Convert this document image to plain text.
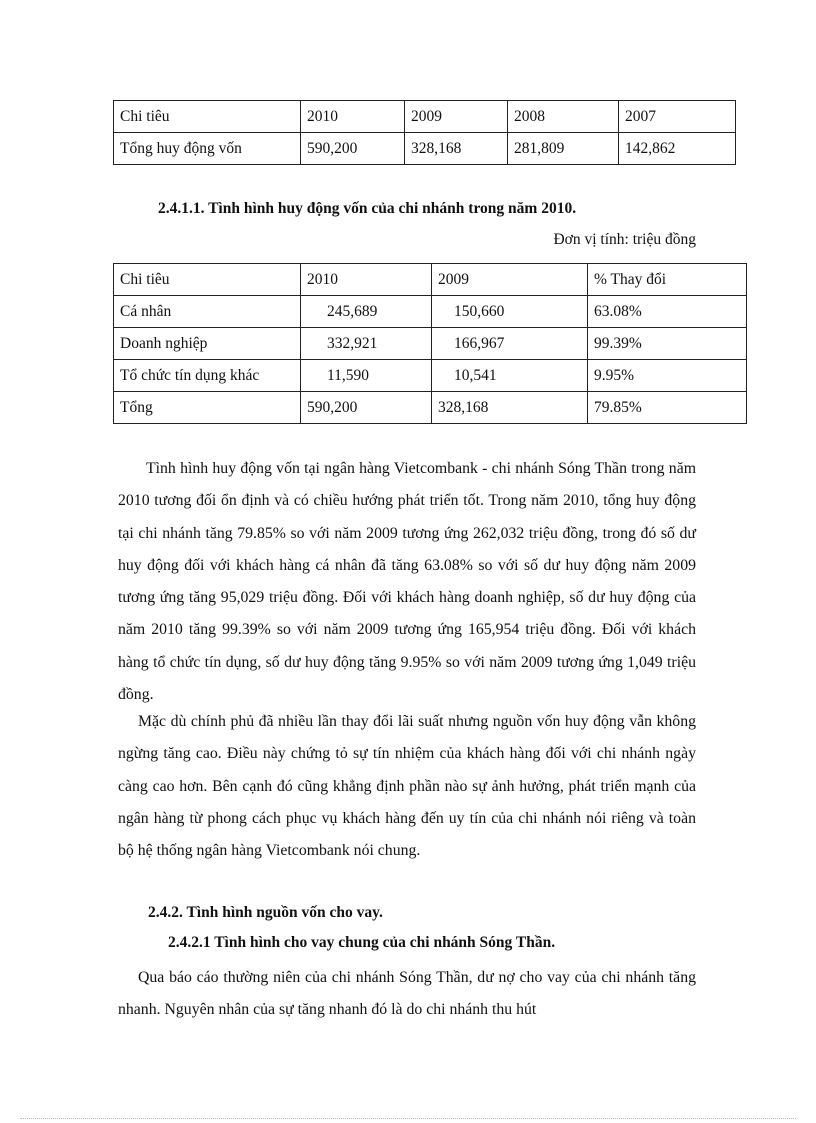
Chi tiêu	2010	2009	2008	2007
Tổng huy động vốn	590,200	328,168	281,809	142,862
2.4.1.1. Tình hình huy động vốn của chi nhánh trong năm 2010.
Đơn vị tính: triệu đồng
Chi tiêu	2010	2009	% Thay đổi
Cá nhân	245,689	150,660	63.08%
Doanh nghiệp	332,921	166,967	99.39%
Tổ chức tín dụng khác	11,590	10,541	9.95%
Tổng	590,200	328,168	79.85%

Tình hình huy động vốn tại ngân hàng Vietcombank - chi nhánh Sóng Thần trong năm 2010 tương đối ổn định và có chiều hướng phát triển tốt. Trong năm 2010, tổng huy động tại chi nhánh tăng 79.85% so với năm 2009 tương ứng 262,032 triệu đồng, trong đó số dư huy động đối với khách hàng cá nhân đã tăng 63.08% so với số dư huy động năm 2009 tương ứng tăng 95,029 triệu đồng. Đối với khách hàng doanh nghiệp, số dư huy động của năm 2010 tăng 99.39% so với năm 2009 tương ứng 165,954 triệu đồng. Đối với khách hàng tổ chức tín dụng, số dư huy động tăng 9.95% so với năm 2009 tương ứng 1,049 triệu đồng.

Mặc dù chính phủ đã nhiều lần thay đổi lãi suất nhưng nguồn vốn huy động vẫn không ngừng tăng cao. Điều này chứng tỏ sự tín nhiệm của khách hàng đối với chi nhánh ngày càng cao hơn. Bên cạnh đó cũng khẳng định phần nào sự ảnh hưởng, phát triển mạnh của ngân hàng từ phong cách phục vụ khách hàng đến uy tín của chi nhánh nói riêng và toàn bộ hệ thống ngân hàng Vietcombank nói chung.

2.4.2. Tình hình nguồn vốn cho vay.
2.4.2.1 Tình hình cho vay chung của chi nhánh Sóng Thần.

Qua báo cáo thường niên của chi nhánh Sóng Thần, dư nợ cho vay của chi nhánh tăng nhanh. Nguyên nhân của sự tăng nhanh đó là do chi nhánh thu hút
